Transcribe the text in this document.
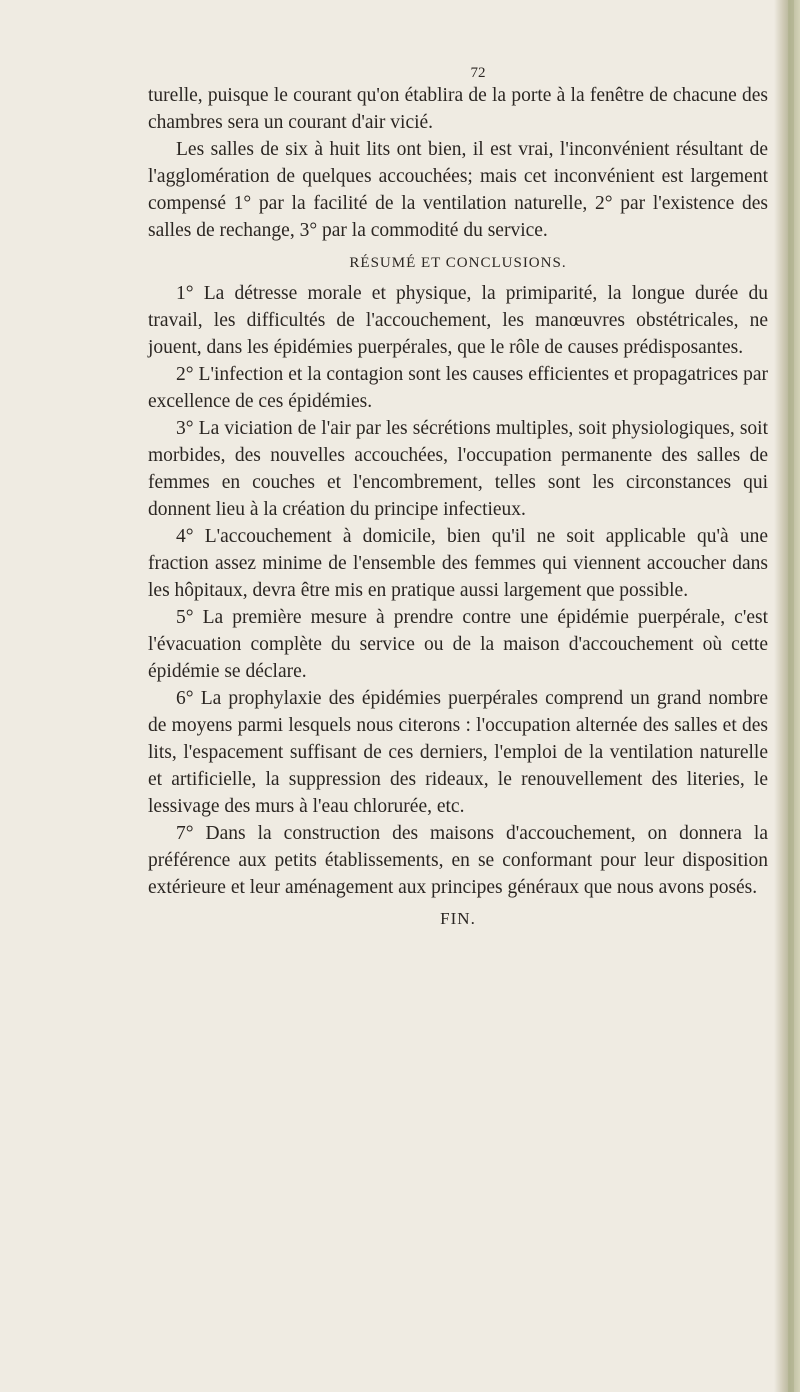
72

turelle, puisque le courant qu'on établira de la porte à la fenêtre de chacune des chambres sera un courant d'air vicié.

Les salles de six à huit lits ont bien, il est vrai, l'inconvénient résultant de l'agglomération de quelques accouchées; mais cet inconvénient est largement compensé 1° par la facilité de la ventilation naturelle, 2° par l'existence des salles de rechange, 3° par la commodité du service.

RÉSUMÉ ET CONCLUSIONS.

1° La détresse morale et physique, la primiparité, la longue durée du travail, les difficultés de l'accouchement, les manœuvres obstétricales, ne jouent, dans les épidémies puerpérales, que le rôle de causes prédisposantes.

2° L'infection et la contagion sont les causes efficientes et propagatrices par excellence de ces épidémies.

3° La viciation de l'air par les sécrétions multiples, soit physiologiques, soit morbides, des nouvelles accouchées, l'occupation permanente des salles de femmes en couches et l'encombrement, telles sont les circonstances qui donnent lieu à la création du principe infectieux.

4° L'accouchement à domicile, bien qu'il ne soit applicable qu'à une fraction assez minime de l'ensemble des femmes qui viennent accoucher dans les hôpitaux, devra être mis en pratique aussi largement que possible.

5° La première mesure à prendre contre une épidémie puerpérale, c'est l'évacuation complète du service ou de la maison d'accouchement où cette épidémie se déclare.

6° La prophylaxie des épidémies puerpérales comprend un grand nombre de moyens parmi lesquels nous citerons : l'occupation alternée des salles et des lits, l'espacement suffisant de ces derniers, l'emploi de la ventilation naturelle et artificielle, la suppression des rideaux, le renouvellement des literies, le lessivage des murs à l'eau chlorurée, etc.

7° Dans la construction des maisons d'accouchement, on donnera la préférence aux petits établissements, en se conformant pour leur disposition extérieure et leur aménagement aux principes généraux que nous avons posés.

FIN.
